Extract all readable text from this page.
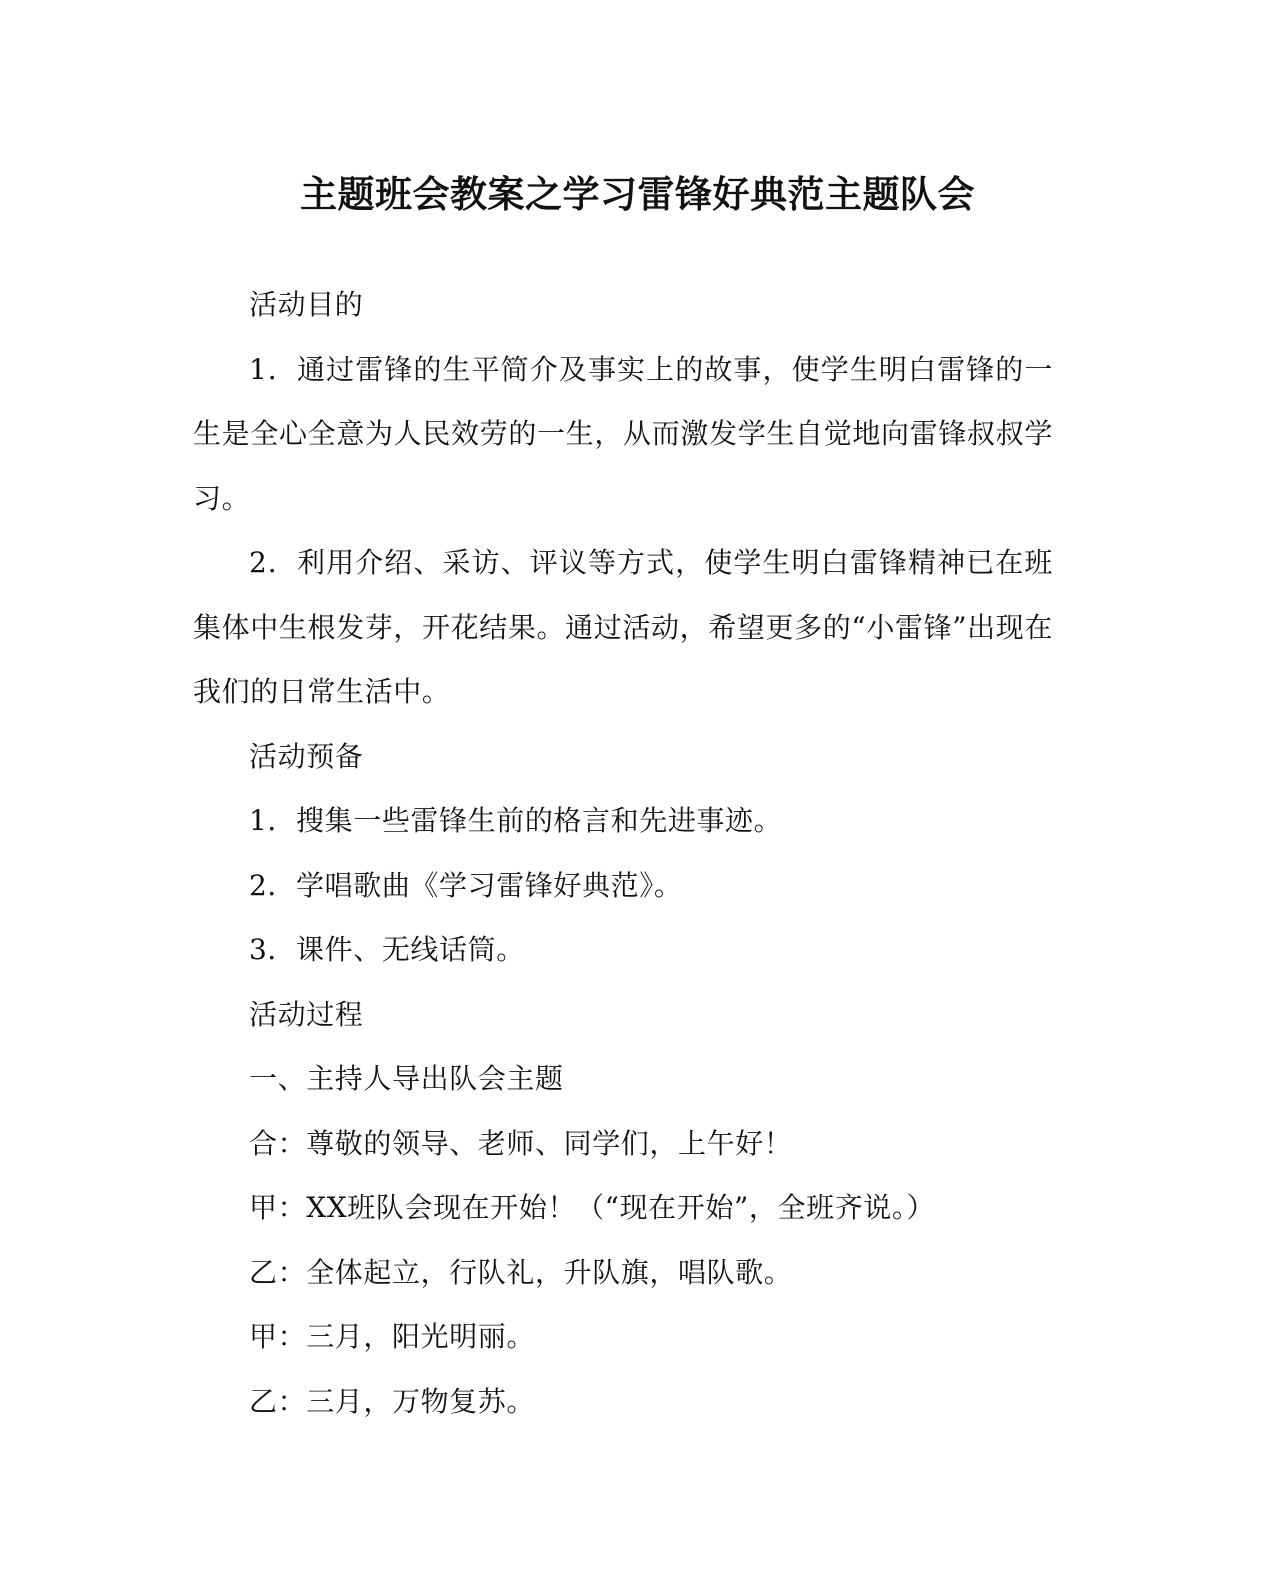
主题班会教案之学习雷锋好典范主题队会

活动目的

1．通过雷锋的生平简介及事实上的故事，使学生明白雷锋的一生是全心全意为人民效劳的一生，从而激发学生自觉地向雷锋叔叔学习。

2．利用介绍、采访、评议等方式，使学生明白雷锋精神已在班集体中生根发芽，开花结果。通过活动，希望更多的“小雷锋”出现在我们的日常生活中。

活动预备

1．搜集一些雷锋生前的格言和先进事迹。

2．学唱歌曲《学习雷锋好典范》。

3．课件、无线话筒。

活动过程

一、主持人导出队会主题

合：尊敬的领导、老师、同学们，上午好！

甲：XX班队会现在开始！（“现在开始”，全班齐说。）

乙：全体起立，行队礼，升队旗，唱队歌。

甲：三月，阳光明丽。

乙：三月，万物复苏。
